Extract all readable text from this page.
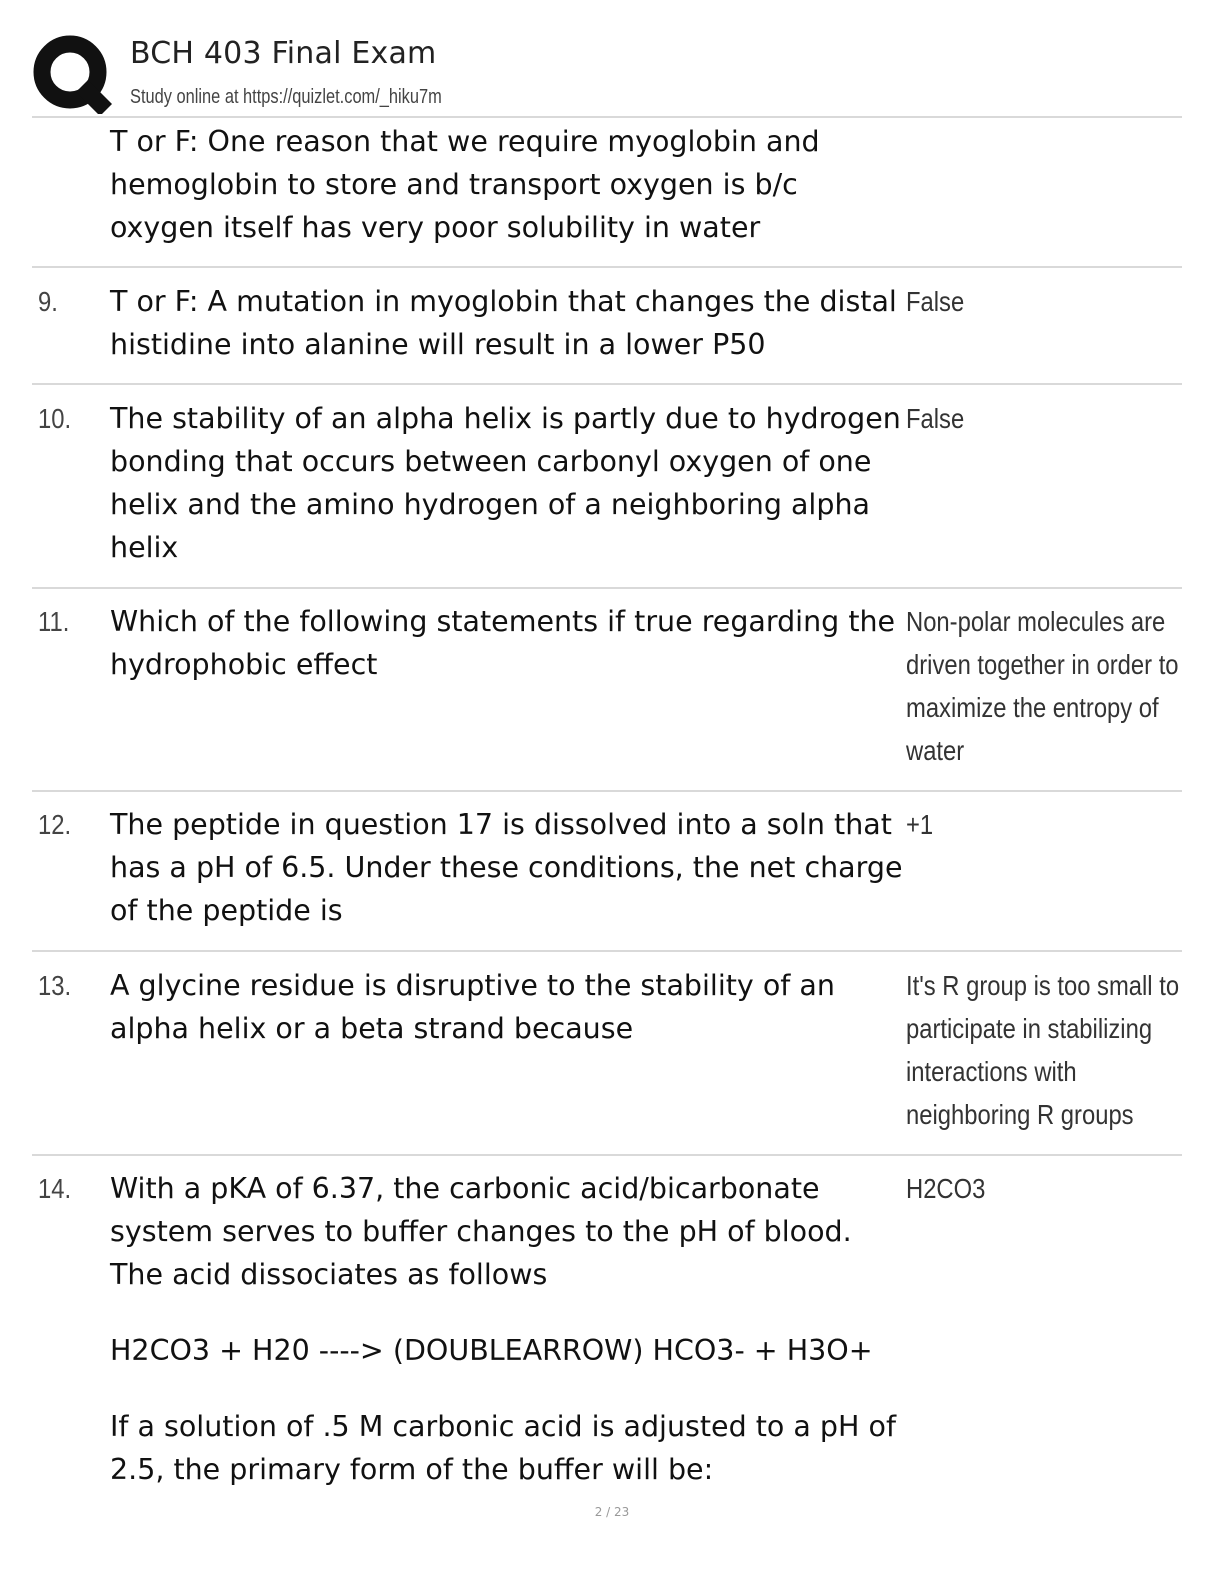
BCH 403 Final Exam
Study online at https://quizlet.com/_hiku7m

T or F: One reason that we require myoglobin and hemoglobin to store and transport oxygen is b/c oxygen itself has very poor solubility in water

9.	T or F: A mutation in myoglobin that changes the distal histidine into alanine will result in a lower P50

False
10.	The stability of an alpha helix is partly due to hydrogen bonding that occurs between carbonyl oxygen of one helix and the amino hydrogen of a neighboring alpha helix

False
11.	Which of the following statements if true regarding the hydrophobic effect

Non-polar molecules are driven together in order to maximize the entropy of water
12.	The peptide in question 17 is dissolved into a soln that has a pH of 6.5. Under these conditions, the net charge of the peptide is

+1
13.	A glycine residue is disruptive to the stability of an alpha helix or a beta strand because

It's R group is too small to participate in stabilizing interactions with neighboring R groups
14.	With a pKA of 6.37, the carbonic acid/bicarbonate system serves to buffer changes to the pH of blood. The acid dissociates as follows

H2CO3 + H20 ----> (DOUBLEARROW) HCO3- + H3O+

If a solution of .5 M carbonic acid is adjusted to a pH of 2.5, the primary form of the buffer will be:

H2CO3
2 / 23
